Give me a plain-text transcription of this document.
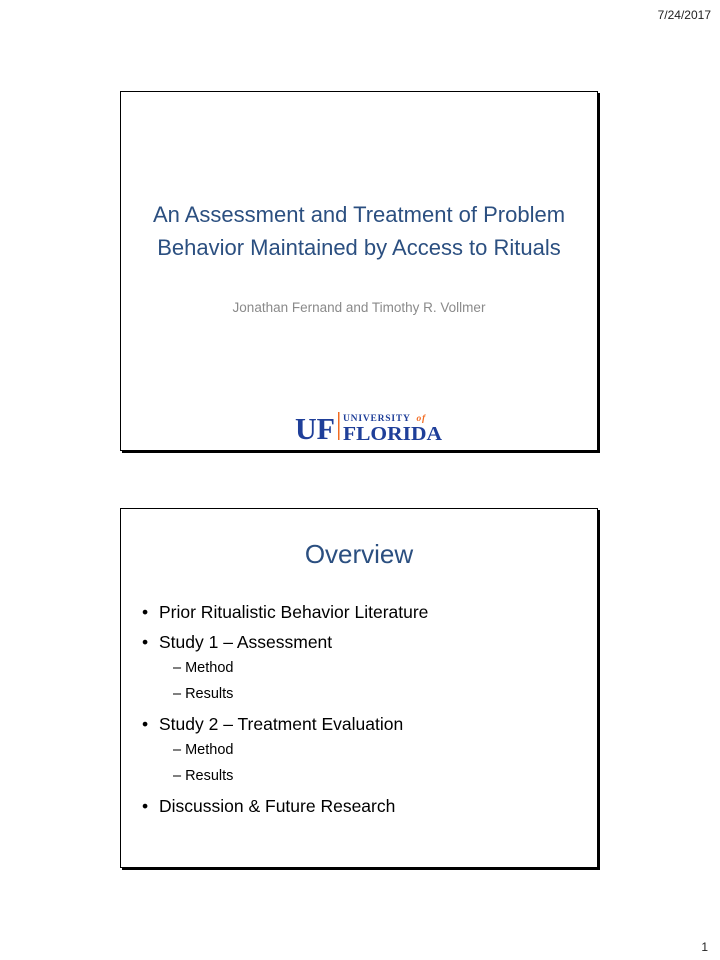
7/24/2017
An Assessment and Treatment of Problem
Behavior Maintained by Access to Rituals
Jonathan Fernand and Timothy R. Vollmer
UF UNIVERSITY of
FLORIDA
Overview
• Prior Ritualistic Behavior Literature
• Study 1 – Assessment
– Method
– Results
• Study 2 – Treatment Evaluation
– Method
– Results
• Discussion & Future Research
1
